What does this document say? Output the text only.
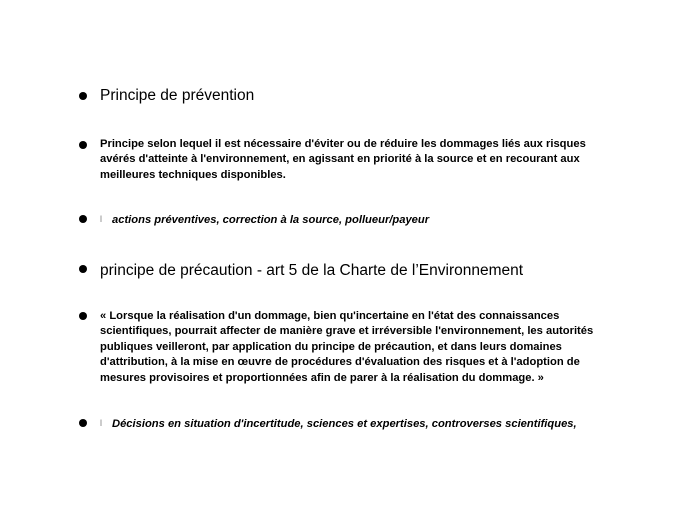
Principe de prévention
Principe selon lequel il est nécessaire d'éviter ou de réduire les dommages liés aux risques
avérés d'atteinte à l'environnement, en agissant en priorité à la source et en recourant aux
meilleures techniques disponibles.
l actions préventives, correction à la source, pollueur/payeur
principe de précaution - art 5 de la Charte de l’Environnement
« Lorsque la réalisation d'un dommage, bien qu'incertaine en l'état des connaissances
scientifiques, pourrait affecter de manière grave et irréversible l'environnement, les autorités
publiques veilleront, par application du principe de précaution, et dans leurs domaines
d'attribution, à la mise en œuvre de procédures d'évaluation des risques et à l'adoption de
mesures provisoires et proportionnées afin de parer à la réalisation du dommage. »
l Décisions en situation d'incertitude, sciences et expertises, controverses scientifiques,
